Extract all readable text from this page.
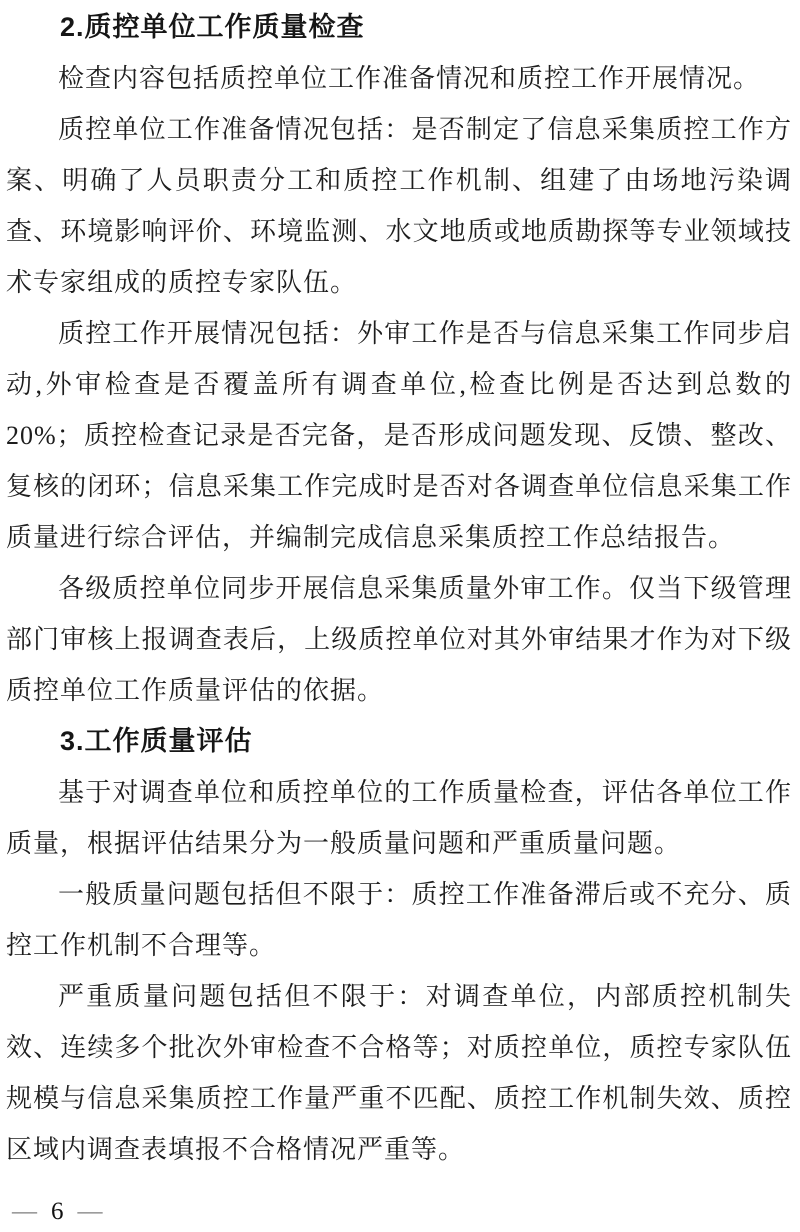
2.质控单位工作质量检查

检查内容包括质控单位工作准备情况和质控工作开展情况。

质控单位工作准备情况包括：是否制定了信息采集质控工作方案、明确了人员职责分工和质控工作机制、组建了由场地污染调查、环境影响评价、环境监测、水文地质或地质勘探等专业领域技术专家组成的质控专家队伍。

质控工作开展情况包括：外审工作是否与信息采集工作同步启动,外审检查是否覆盖所有调查单位,检查比例是否达到总数的 20%；质控检查记录是否完备，是否形成问题发现、反馈、整改、复核的闭环；信息采集工作完成时是否对各调查单位信息采集工作质量进行综合评估，并编制完成信息采集质控工作总结报告。

各级质控单位同步开展信息采集质量外审工作。仅当下级管理部门审核上报调查表后，上级质控单位对其外审结果才作为对下级质控单位工作质量评估的依据。

3.工作质量评估

基于对调查单位和质控单位的工作质量检查，评估各单位工作质量，根据评估结果分为一般质量问题和严重质量问题。

一般质量问题包括但不限于：质控工作准备滞后或不充分、质控工作机制不合理等。

严重质量问题包括但不限于：对调查单位，内部质控机制失效、连续多个批次外审检查不合格等；对质控单位，质控专家队伍规模与信息采集质控工作量严重不匹配、质控工作机制失效、质控区域内调查表填报不合格情况严重等。

— 6 —
